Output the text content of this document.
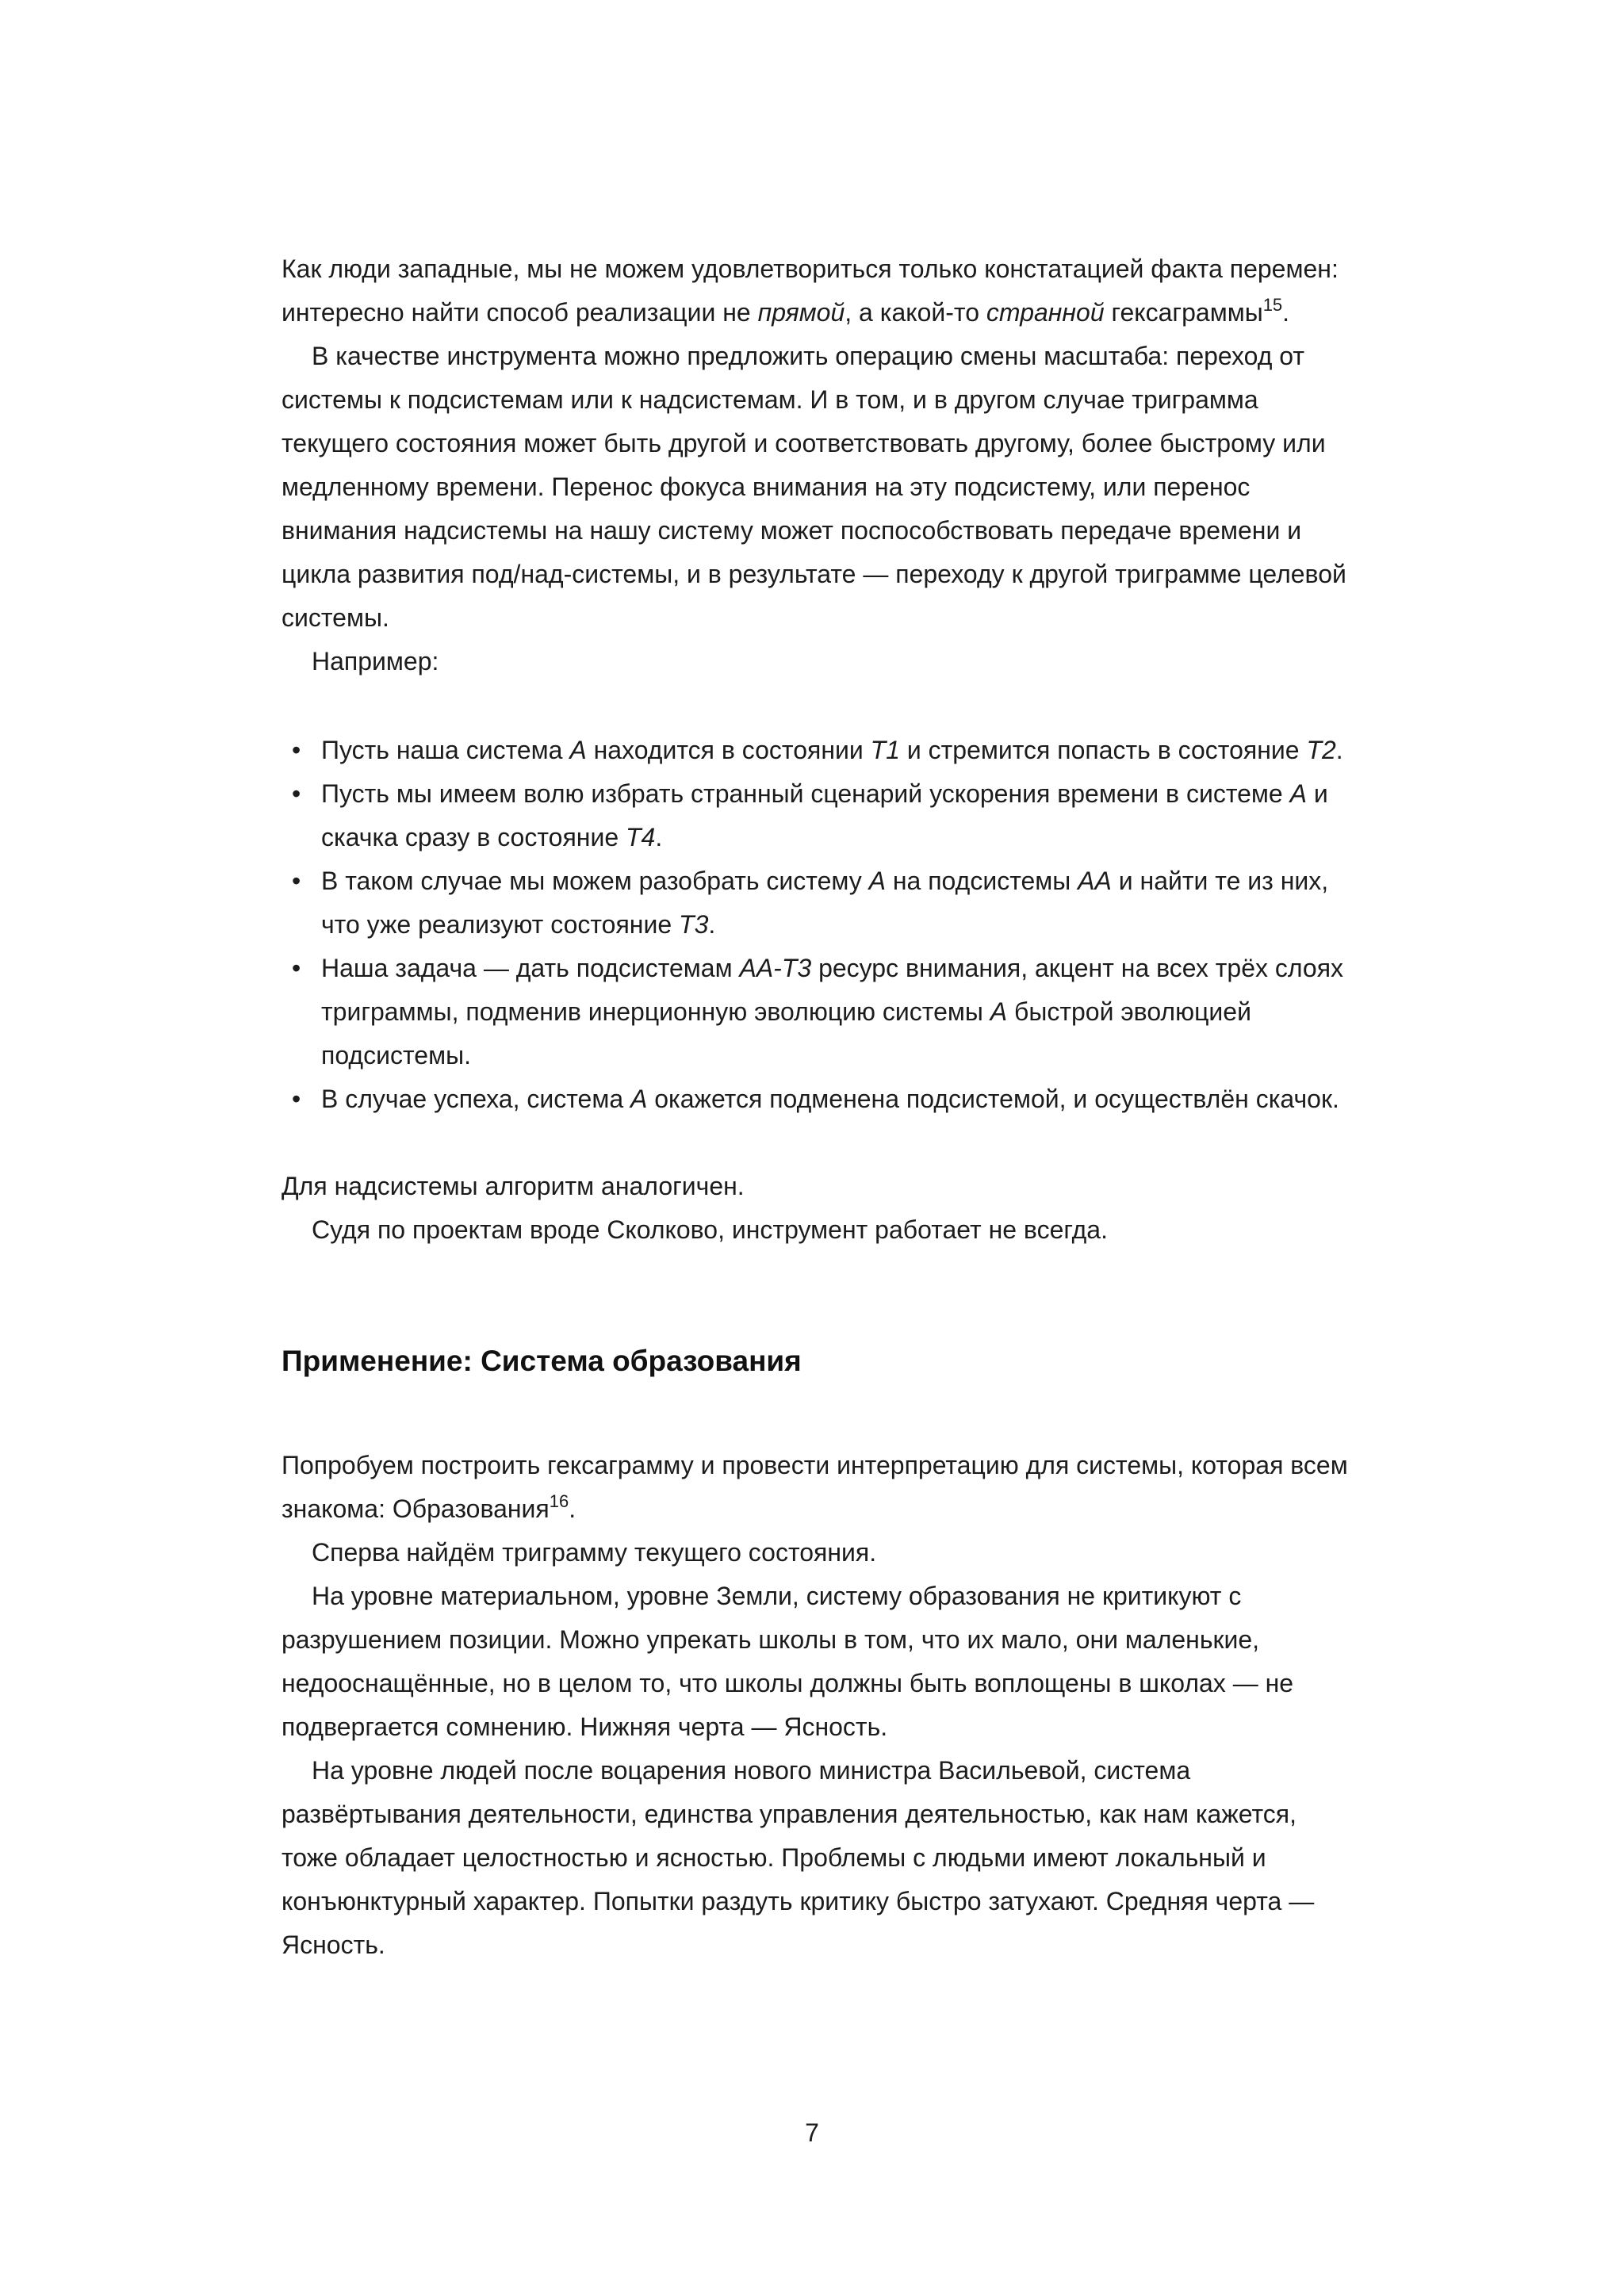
Как люди западные, мы не можем удовлетвориться только констатацией факта перемен: интересно найти способ реализации не прямой, а какой-то странной гексаграммы$^{15}$.

В качестве инструмента можно предложить операцию смены масштаба: переход от системы к подсистемам или к надсистемам. И в том, и в другом случае триграмма текущего состояния может быть другой и соответствовать другому, более быстрому или медленному времени. Перенос фокуса внимания на эту подсистему, или перенос внимания надсистемы на нашу систему может поспособствовать передаче времени и цикла развития под/над-системы, и в результате — переходу к другой триграмме целевой системы.

Например:

• Пусть наша система A находится в состоянии T1 и стремится попасть в состояние T2.
• Пусть мы имеем волю избрать странный сценарий ускорения времени в системе A и скачка сразу в состояние T4.
• В таком случае мы можем разобрать систему A на подсистемы AA и найти те из них, что уже реализуют состояние T3.
• Наша задача — дать подсистемам AA-T3 ресурс внимания, акцент на всех трёх слоях триграммы, подменив инерционную эволюцию системы A быстрой эволюцией подсистемы.
• В случае успеха, система A окажется подменена подсистемой, и осуществлён скачок.

Для надсистемы алгоритм аналогичен.

Судя по проектам вроде Сколково, инструмент работает не всегда.

Применение: Система образования

Попробуем построить гексаграмму и провести интерпретацию для системы, которая всем знакома: Образования$^{16}$.

Сперва найдём триграмму текущего состояния.

На уровне материальном, уровне Земли, систему образования не критикуют с разрушением позиции. Можно упрекать школы в том, что их мало, они маленькие, недооснащённые, но в целом то, что школы должны быть воплощены в школах — не подвергается сомнению. Нижняя черта — Ясность.

На уровне людей после воцарения нового министра Васильевой, система развёртывания деятельности, единства управления деятельностью, как нам кажется, тоже обладает целостностью и ясностью. Проблемы с людьми имеют локальный и конъюнктурный характер. Попытки раздуть критику быстро затухают. Средняя черта — Ясность.

7
